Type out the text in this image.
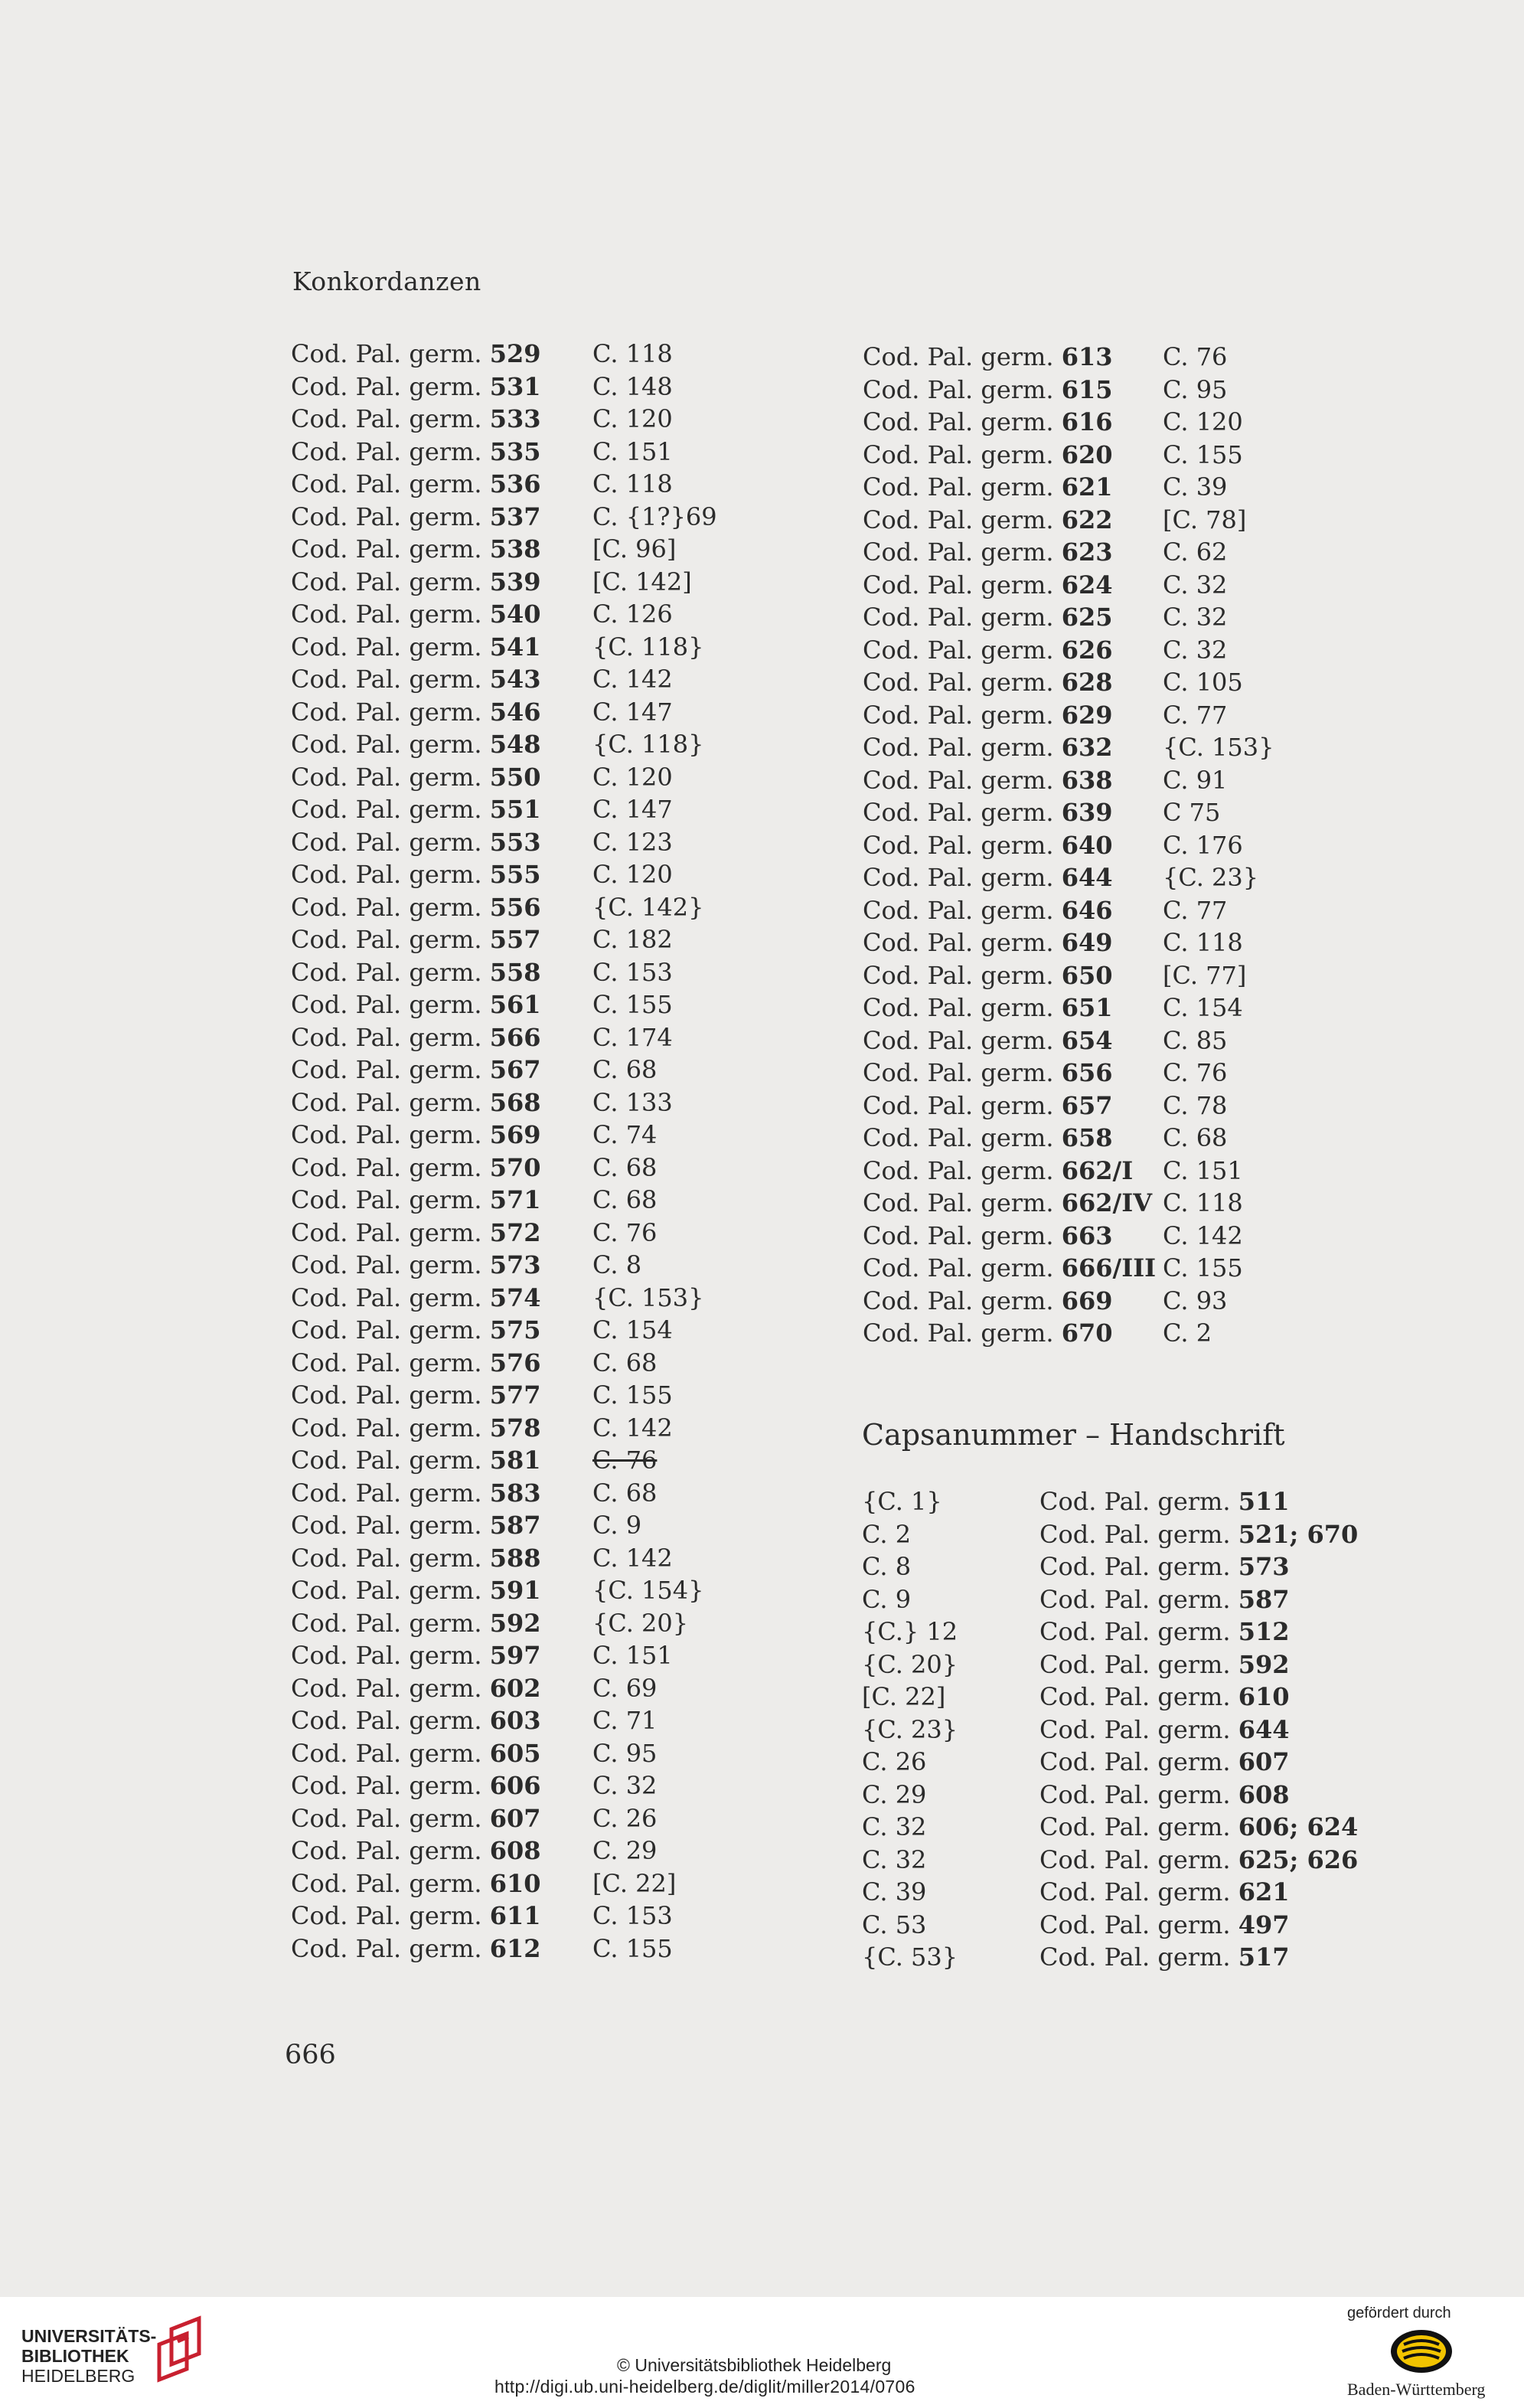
Konkordanzen
Cod. Pal. germ. 529 C. 118
Cod. Pal. germ. 531 C. 148
Cod. Pal. germ. 533 C. 120
Cod. Pal. germ. 535 C. 151
Cod. Pal. germ. 536 C. 118
Cod. Pal. germ. 537 C. {1?}69
Cod. Pal. germ. 538 [C. 96]
Cod. Pal. germ. 539 [C. 142]
Cod. Pal. germ. 540 C. 126
Cod. Pal. germ. 541 {C. 118}
Cod. Pal. germ. 543 C. 142
Cod. Pal. germ. 546 C. 147
Cod. Pal. germ. 548 {C. 118}
Cod. Pal. germ. 550 C. 120
Cod. Pal. germ. 551 C. 147
Cod. Pal. germ. 553 C. 123
Cod. Pal. germ. 555 C. 120
Cod. Pal. germ. 556 {C. 142}
Cod. Pal. germ. 557 C. 182
Cod. Pal. germ. 558 C. 153
Cod. Pal. germ. 561 C. 155
Cod. Pal. germ. 566 C. 174
Cod. Pal. germ. 567 C. 68
Cod. Pal. germ. 568 C. 133
Cod. Pal. germ. 569 C. 74
Cod. Pal. germ. 570 C. 68
Cod. Pal. germ. 571 C. 68
Cod. Pal. germ. 572 C. 76
Cod. Pal. germ. 573 C. 8
Cod. Pal. germ. 574 {C. 153}
Cod. Pal. germ. 575 C. 154
Cod. Pal. germ. 576 C. 68
Cod. Pal. germ. 577 C. 155
Cod. Pal. germ. 578 C. 142
Cod. Pal. germ. 581 C. 76
Cod. Pal. germ. 583 C. 68
Cod. Pal. germ. 587 C. 9
Cod. Pal. germ. 588 C. 142
Cod. Pal. germ. 591 {C. 154}
Cod. Pal. germ. 592 {C. 20}
Cod. Pal. germ. 597 C. 151
Cod. Pal. germ. 602 C. 69
Cod. Pal. germ. 603 C. 71
Cod. Pal. germ. 605 C. 95
Cod. Pal. germ. 606 C. 32
Cod. Pal. germ. 607 C. 26
Cod. Pal. germ. 608 C. 29
Cod. Pal. germ. 610 [C. 22]
Cod. Pal. germ. 611 C. 153
Cod. Pal. germ. 612 C. 155
Cod. Pal. germ. 613 C. 76
Cod. Pal. germ. 615 C. 95
Cod. Pal. germ. 616 C. 120
Cod. Pal. germ. 620 C. 155
Cod. Pal. germ. 621 C. 39
Cod. Pal. germ. 622 [C. 78]
Cod. Pal. germ. 623 C. 62
Cod. Pal. germ. 624 C. 32
Cod. Pal. germ. 625 C. 32
Cod. Pal. germ. 626 C. 32
Cod. Pal. germ. 628 C. 105
Cod. Pal. germ. 629 C. 77
Cod. Pal. germ. 632 {C. 153}
Cod. Pal. germ. 638 C. 91
Cod. Pal. germ. 639 C 75
Cod. Pal. germ. 640 C. 176
Cod. Pal. germ. 644 {C. 23}
Cod. Pal. germ. 646 C. 77
Cod. Pal. germ. 649 C. 118
Cod. Pal. germ. 650 [C. 77]
Cod. Pal. germ. 651 C. 154
Cod. Pal. germ. 654 C. 85
Cod. Pal. germ. 656 C. 76
Cod. Pal. germ. 657 C. 78
Cod. Pal. germ. 658 C. 68
Cod. Pal. germ. 662/I C. 151
Cod. Pal. germ. 662/IV C. 118
Cod. Pal. germ. 663 C. 142
Cod. Pal. germ. 666/III C. 155
Cod. Pal. germ. 669 C. 93
Cod. Pal. germ. 670 C. 2
Capsanummer – Handschrift
{C. 1}	Cod. Pal. germ. 511
C. 2	Cod. Pal. germ. 521; 670
C. 8	Cod. Pal. germ. 573
C. 9	Cod. Pal. germ. 587
{C.} 12	Cod. Pal. germ. 512
{C. 20}	Cod. Pal. germ. 592
[C. 22]	Cod. Pal. germ. 610
{C. 23}	Cod. Pal. germ. 644
C. 26	Cod. Pal. germ. 607
C. 29	Cod. Pal. germ. 608
C. 32	Cod. Pal. germ. 606; 624
C. 32	Cod. Pal. germ. 625; 626
C. 39	Cod. Pal. germ. 621
C. 53	Cod. Pal. germ. 497
{C. 53}	Cod. Pal. germ. 517
666
UNIVERSITÄTS-
BIBLIOTHEK
HEIDELBERG
© Universitätsbibliothek Heidelberg
http://digi.ub.uni-heidelberg.de/diglit/miller2014/0706
gefördert durch
Baden-Württemberg
